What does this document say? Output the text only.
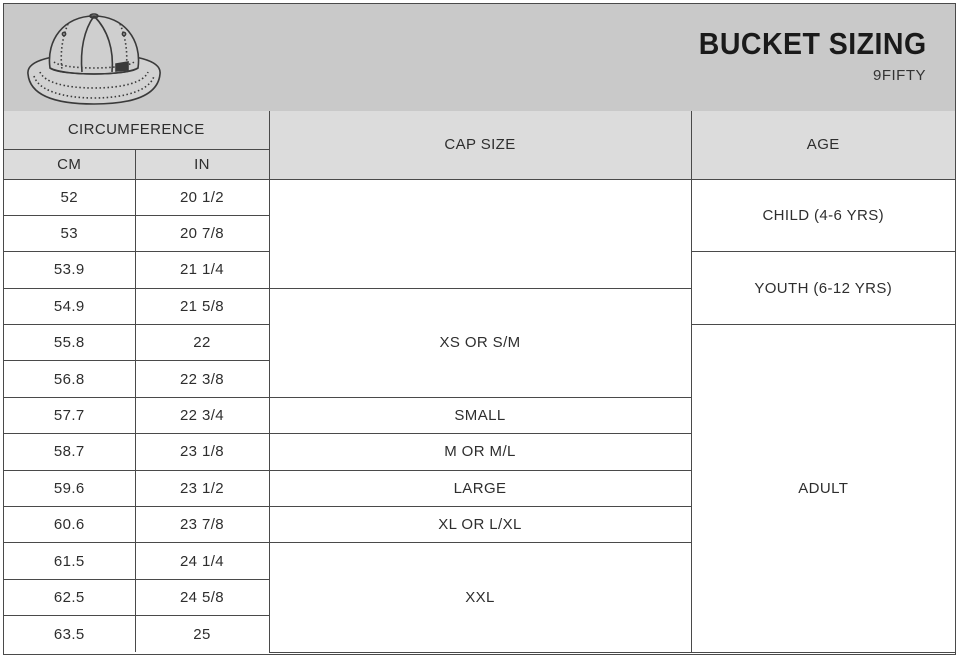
BUCKET SIZING
9FIFTY
CIRCUMFERENCE		CAP SIZE	AGE
CM	IN		
52	20 1/2		CHILD (4-6 YRS)
53	20 7/8		
53.9	21 1/4		YOUTH (6-12 YRS)
54.9	21 5/8	XS OR S/M	
55.8	22		ADULT
56.8	22 3/8		
57.7	22 3/4	SMALL	
58.7	23 1/8	M OR M/L	
59.6	23 1/2	LARGE	
60.6	23 7/8	XL OR L/XL	
61.5	24 1/4	XXL	
62.5	24 5/8		
63.5	25		
